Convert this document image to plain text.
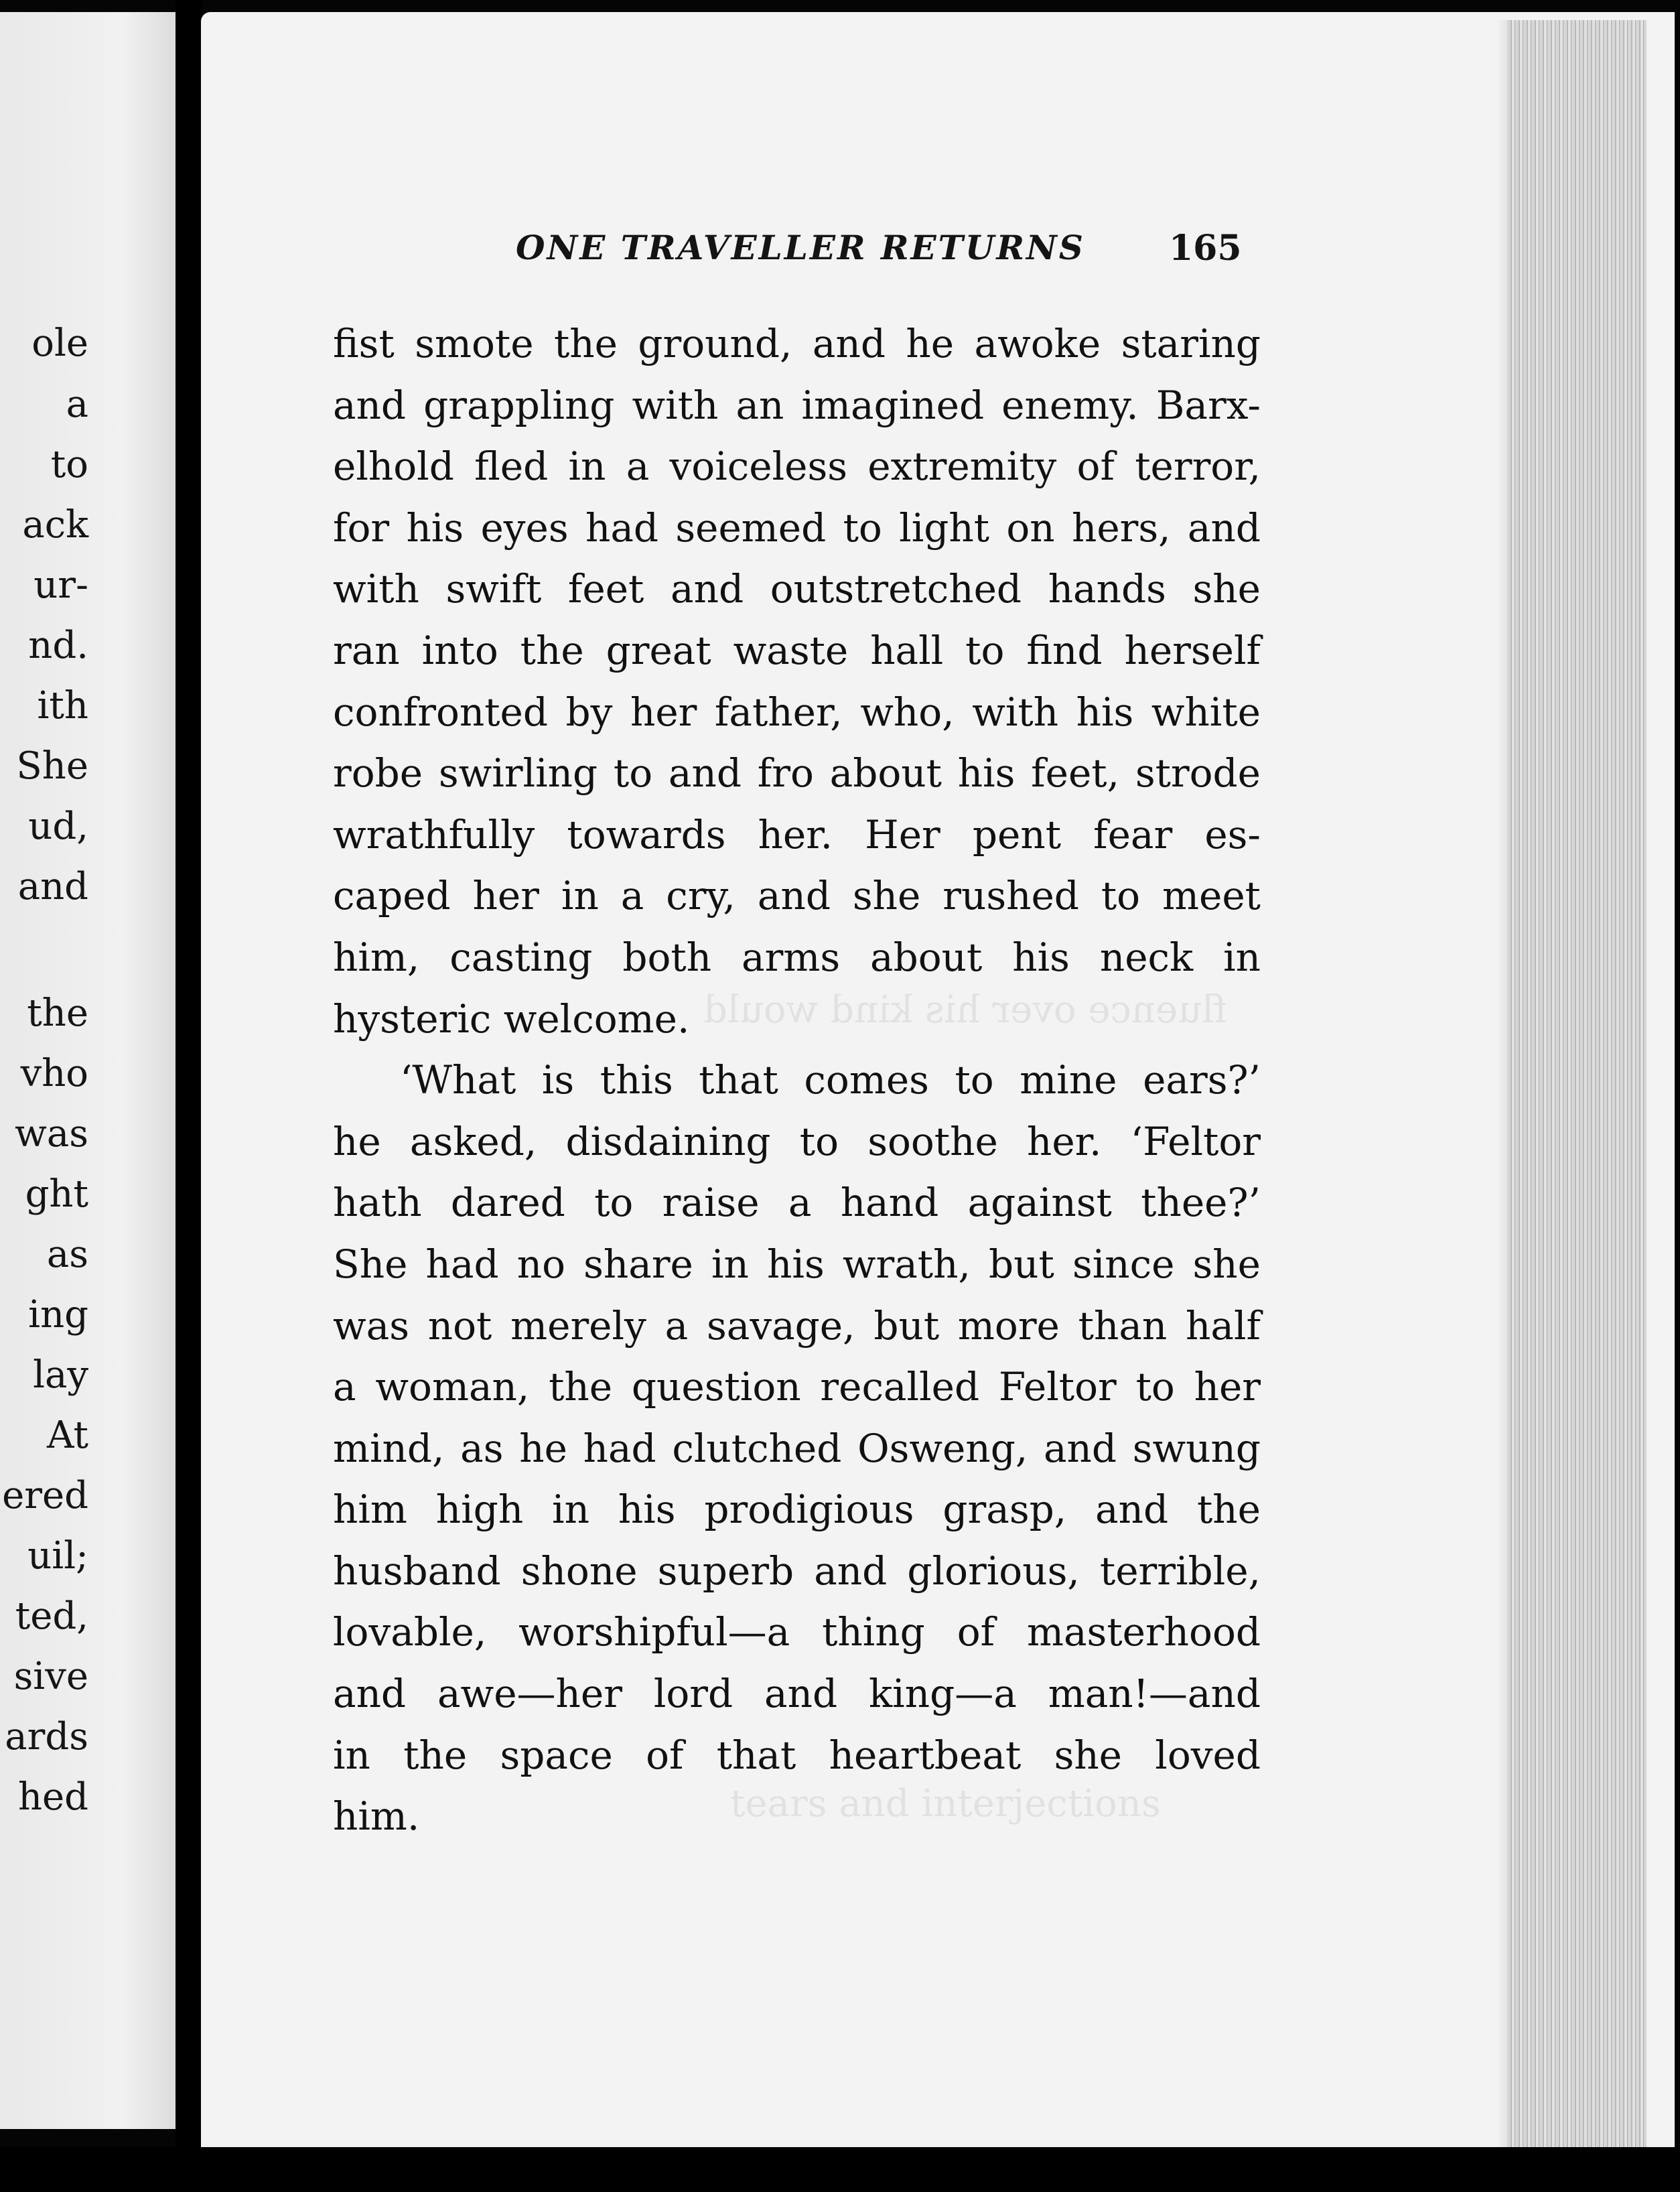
ole
a
to
ack
ur-
nd.
ith
She
ud,
and
the
vho
was
ght
as
ing
lay
At
ered
uil;
ted,
sive
ards
hed
fluence over his kind would
tears and interjections
ONE TRAVELLER RETURNS 165
fist smote the ground, and he awoke staring
and grappling with an imagined enemy. Barx-
elhold fled in a voiceless extremity of terror,
for his eyes had seemed to light on hers, and
with swift feet and outstretched hands she
ran into the great waste hall to find herself
confronted by her father, who, with his white
robe swirling to and fro about his feet, strode
wrathfully towards her. Her pent fear es-
caped her in a cry, and she rushed to meet
him, casting both arms about his neck in
hysteric welcome.
‘What is this that comes to mine ears?’
he asked, disdaining to soothe her. ‘Feltor
hath dared to raise a hand against thee?’
She had no share in his wrath, but since she
was not merely a savage, but more than half
a woman, the question recalled Feltor to her
mind, as he had clutched Osweng, and swung
him high in his prodigious grasp, and the
husband shone superb and glorious, terrible,
lovable, worshipful—a thing of masterhood
and awe—her lord and king—a man!—and
in the space of that heartbeat she loved
him.
